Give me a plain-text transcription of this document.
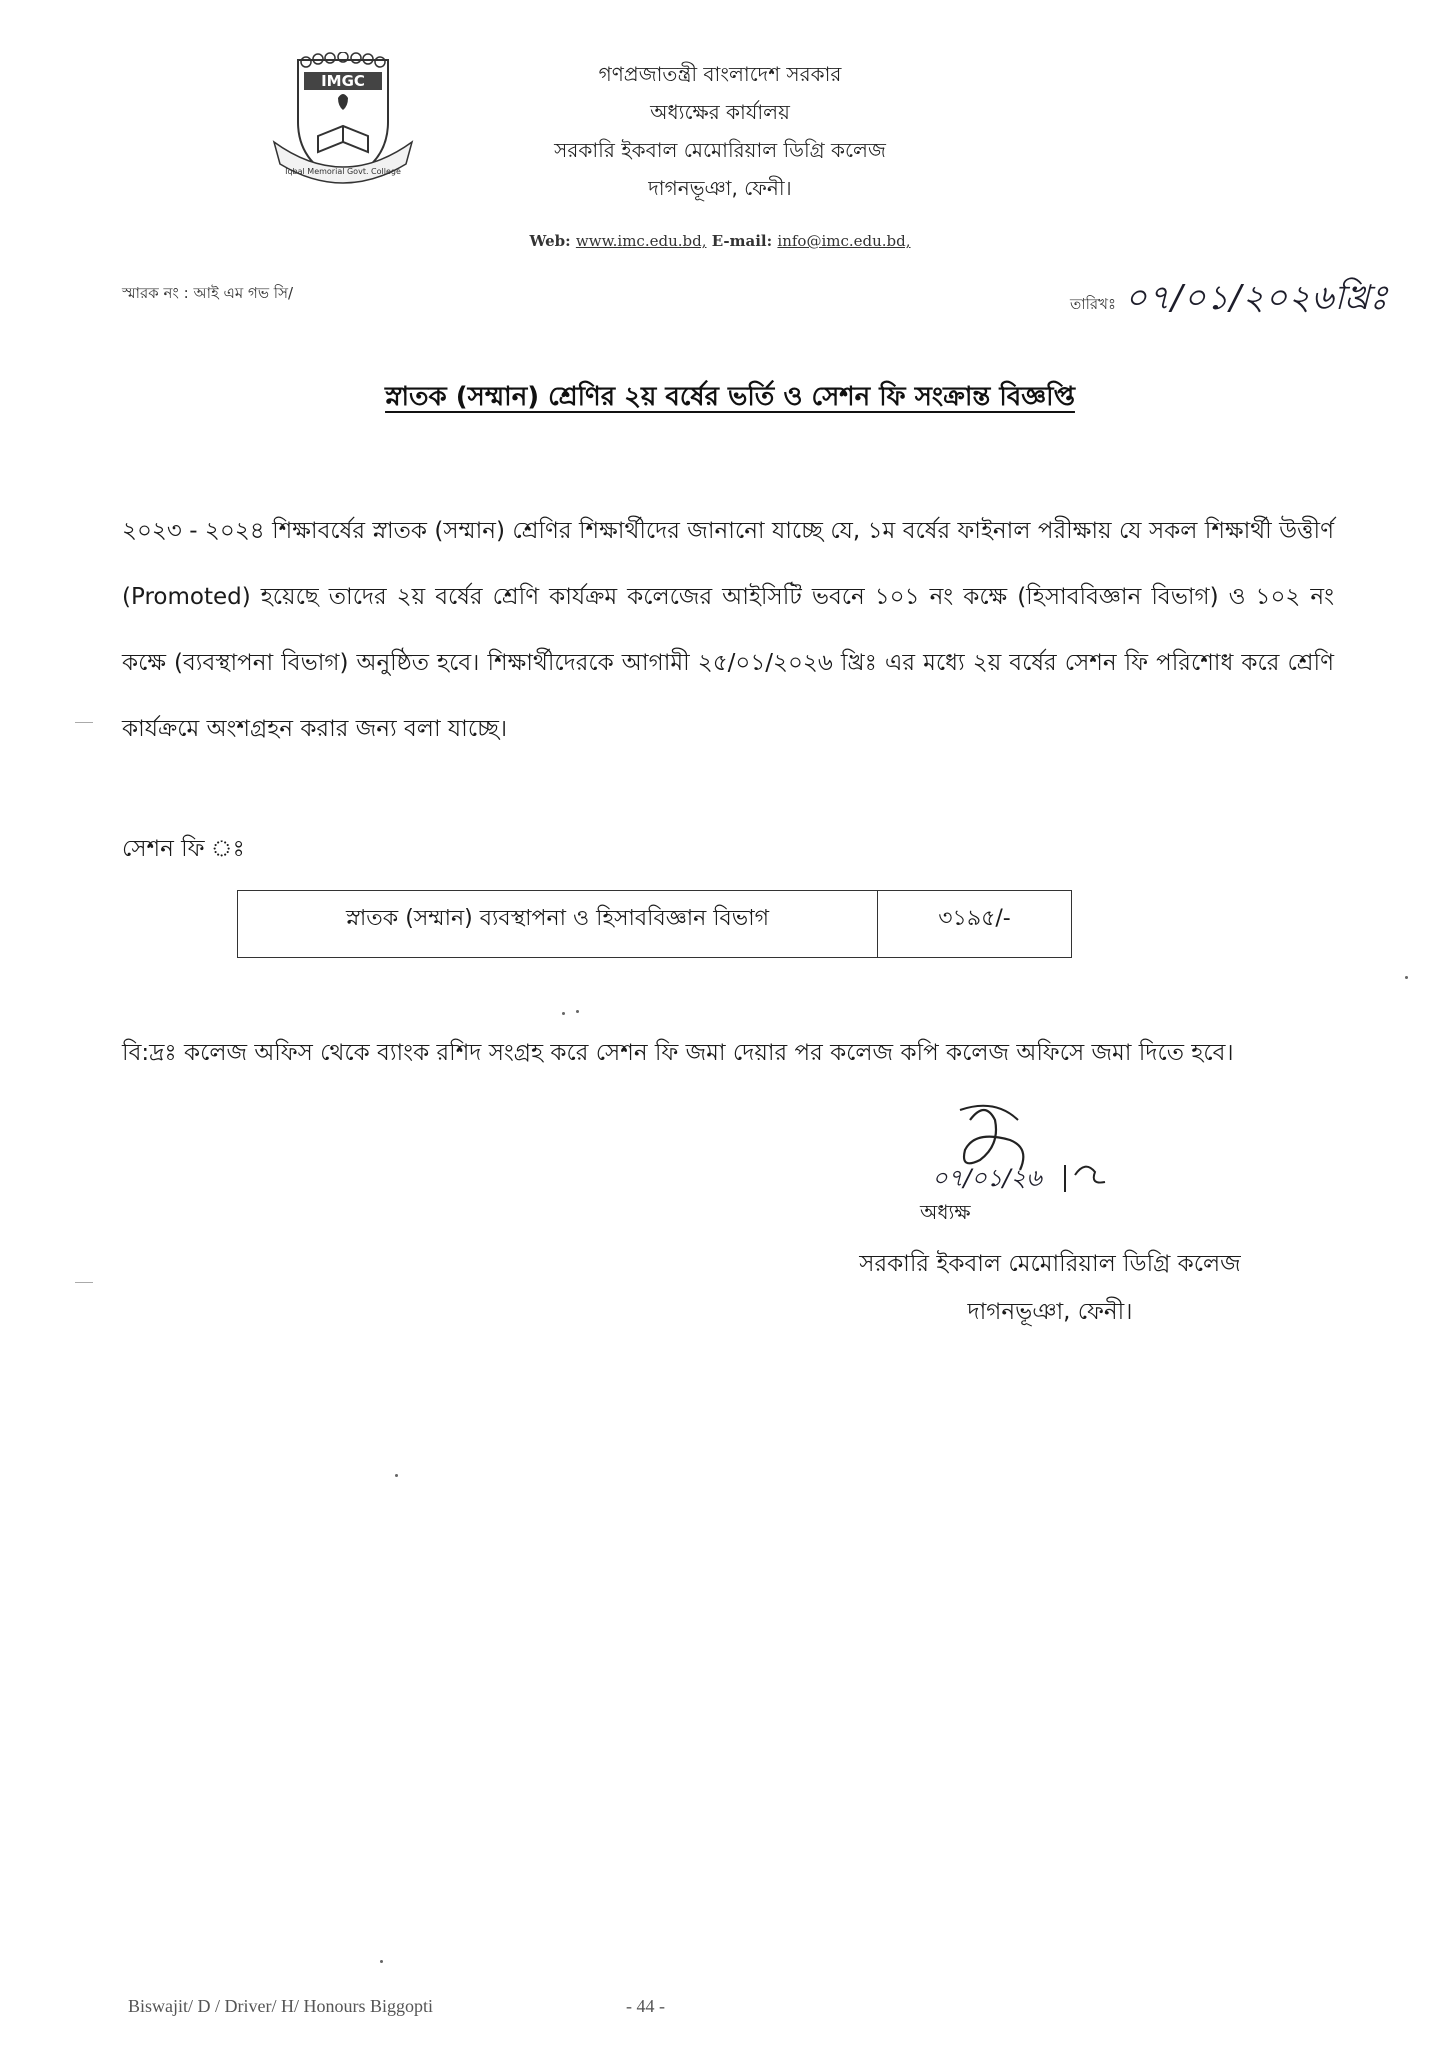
IMGC
Iqbal Memorial Govt. College
গণপ্রজাতন্ত্রী বাংলাদেশ সরকার
অধ্যক্ষের কার্যালয়
সরকারি ইকবাল মেমোরিয়াল ডিগ্রি কলেজ
দাগনভূঞা, ফেনী।
Web: www.imc.edu.bd, E-mail: info@imc.edu.bd,
স্মারক নং : আই এম গভ সি/
তারিখঃ ০৭/০১/২০২৬খ্রিঃ
স্নাতক (সম্মান) শ্রেণির ২য় বর্ষের ভর্তি ও সেশন ফি সংক্রান্ত বিজ্ঞপ্তি
২০২৩ - ২০২৪ শিক্ষাবর্ষের স্নাতক (সম্মান) শ্রেণির শিক্ষার্থীদের জানানো যাচ্ছে যে, ১ম বর্ষের ফাইনাল পরীক্ষায় যে সকল শিক্ষার্থী উত্তীর্ণ (Promoted) হয়েছে তাদের ২য় বর্ষের শ্রেণি কার্যক্রম কলেজের আইসিটি ভবনে ১০১ নং কক্ষে (হিসাববিজ্ঞান বিভাগ) ও ১০২ নং কক্ষে (ব্যবস্থাপনা বিভাগ) অনুষ্ঠিত হবে। শিক্ষার্থীদেরকে আগামী ২৫/০১/২০২৬ খ্রিঃ এর মধ্যে ২য় বর্ষের সেশন ফি পরিশোধ করে শ্রেণি কার্যক্রমে অংশগ্রহন করার জন্য বলা যাচ্ছে।
সেশন ফি ঃ
স্নাতক (সম্মান) ব্যবস্থাপনা ও হিসাববিজ্ঞান বিভাগ	৩১৯৫/-
বি:দ্রঃ কলেজ অফিস থেকে ব্যাংক রশিদ সংগ্রহ করে সেশন ফি জমা দেয়ার পর কলেজ কপি কলেজ অফিসে জমা দিতে হবে।
০৭/০১/২৬
অধ্যক্ষ
সরকারি ইকবাল মেমোরিয়াল ডিগ্রি কলেজ
দাগনভূঞা, ফেনী।
Biswajit/ D / Driver/ H/ Honours Biggopti	- 44 -
